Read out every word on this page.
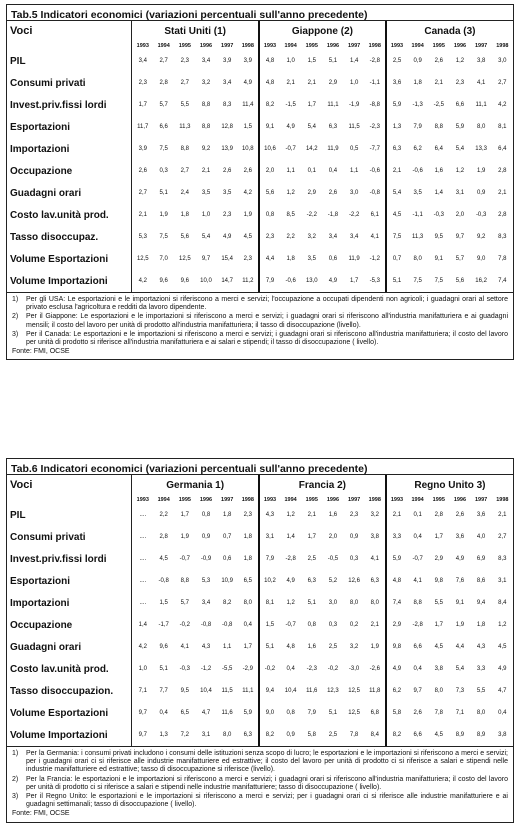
Tab.5 Indicatori economici (variazioni percentuali sull'anno precedente)
Voci	Stati Uniti (1)						Giappone (2)						Canada (3)					
	1993	1994	1995	1996	1997	1998	1993	1994	1995	1996	1997	1998	1993	1994	1995	1996	1997	1998
PIL	3,4	2,7	2,3	3,4	3,9	3,9	4,8	1,0	1,5	5,1	1,4	-2,8	2,5	0,9	2,6	1,2	3,8	3,0
Consumi privati	2,3	2,8	2,7	3,2	3,4	4,9	4,8	2,1	2,1	2,9	1,0	-1,1	3,6	1,8	2,1	2,3	4,1	2,7
Invest.priv.fissi lordi	1,7	5,7	5,5	8,8	8,3	11,4	8,2	-1,5	1,7	11,1	-1,9	-8,8	5,9	-1,3	-2,5	6,6	11,1	4,2
Esportazioni	11,7	6,6	11,3	8,8	12,8	1,5	9,1	4,9	5,4	6,3	11,5	-2,3	1,3	7,9	8,8	5,9	8,0	8,1
Importazioni	3,9	7,5	8,8	9,2	13,9	10,8	10,6	-0,7	14,2	11,9	0,5	-7,7	6,3	6,2	6,4	5,4	13,3	6,4
Occupazione	2,6	0,3	2,7	2,1	2,6	2,6	2,0	1,1	0,1	0,4	1,1	-0,6	2,1	-0,6	1,6	1,2	1,9	2,8
Guadagni orari	2,7	5,1	2,4	3,5	3,5	4,2	5,6	1,2	2,9	2,6	3,0	-0,8	5,4	3,5	1,4	3,1	0,9	2,1
Costo lav.unità prod.	2,1	1,9	1,8	1,0	2,3	1,9	0,8	8,5	-2,2	-1,8	-2,2	6,1	4,5	-1,1	-0,3	2,0	-0,3	2,8
Tasso disoccupaz.	5,3	7,5	5,6	5,4	4,9	4,5	2,3	2,2	3,2	3,4	3,4	4,1	7,5	11,3	9,5	9,7	9,2	8,3
Volume Esportazioni	12,5	7,0	12,5	9,7	15,4	2,3	4,4	1,8	3,5	0,6	11,9	-1,2	0,7	8,0	9,1	5,7	9,0	7,8
Volume Importazioni	4,2	9,6	9,6	10,0	14,7	11,2	7,9	-0,6	13,0	4,9	1,7	-5,3	5,1	7,5	7,5	5,6	16,2	7,4
1)	Per gli USA: Le esportazioni e le importazioni si riferiscono a merci e servizi; l'occupazione a occupati dipendenti non agricoli; i guadagni orari al settore privato esclusa l'agricoltura e redditi da lavoro dipendente.
2)	Per il Giappone: Le esportazioni e le importazioni si riferiscono a merci e servizi; i guadagni orari si riferiscono all'industria manifatturiera e ai guadagni mensili; il costo del lavoro per unità di prodotto all'industria manifatturiera; il tasso di disoccupazione (livello).
3)	Per il Canada: Le esportazioni e le importazioni si riferiscono a merci e servizi; i guadagni orari si riferiscono all'industria manifatturiera; il costo del lavoro per unità di prodotto si riferisce all'industria manifatturiera e ai salari e stipendi; il tasso di disoccupazione ( livello).
Fonte: FMI, OCSE
Tab.6 Indicatori economici (variazioni percentuali sull'anno precedente)
Voci	Germania 1)						Francia 2)						Regno Unito 3)					
	1993	1994	1995	1996	1997	1998	1993	1994	1995	1996	1997	1998	1993	1994	1995	1996	1997	1998
PIL	....	2,2	1,7	0,8	1,8	2,3	4,3	1,2	2,1	1,6	2,3	3,2	2,1	0,1	2,8	2,6	3,6	2,1
Consumi privati	....	2,8	1,9	0,9	0,7	1,8	3,1	1,4	1,7	2,0	0,9	3,8	3,3	0,4	1,7	3,6	4,0	2,7
Invest.priv.fissi lordi	....	4,5	-0,7	-0,9	0,6	1,8	7,9	-2,8	2,5	-0,5	0,3	4,1	5,9	-0,7	2,9	4,9	6,9	8,3
Esportazioni	....	-0,8	8,8	5,3	10,9	6,5	10,2	4,9	6,3	5,2	12,6	6,3	4,8	4,1	9,8	7,6	8,6	3,1
Importazioni	....	1,5	5,7	3,4	8,2	8,0	8,1	1,2	5,1	3,0	8,0	8,0	7,4	8,8	5,5	9,1	9,4	8,4
Occupazione	1,4	-1,7	-0,2	-0,8	-0,8	0,4	1,5	-0,7	0,8	0,3	0,2	2,1	2,9	-2,8	1,7	1,9	1,8	1,2
Guadagni orari	4,2	9,6	4,1	4,3	1,1	1,7	5,1	4,8	1,6	2,5	3,2	1,9	9,8	6,6	4,5	4,4	4,3	4,5
Costo lav.unità prod.	1,0	5,1	-0,3	-1,2	-5,5	-2,9	-0,2	0,4	-2,3	-0,2	-3,0	-2,6	4,9	0,4	3,8	5,4	3,3	4,9
Tasso disoccupazion.	7,1	7,7	9,5	10,4	11,5	11,1	9,4	10,4	11,6	12,3	12,5	11,8	6,2	9,7	8,0	7,3	5,5	4,7
Volume Esportazioni	9,7	0,4	6,5	4,7	11,6	5,9	9,0	0,8	7,9	5,1	12,5	6,8	5,8	2,6	7,8	7,1	8,0	0,4
Volume Importazioni	9,7	1,3	7,2	3,1	8,0	6,3	8,2	0,9	5,8	2,5	7,8	8,4	8,2	6,6	4,5	8,9	8,9	3,8
1)	Per la Germania: i consumi privati includono i consumi delle istituzioni senza scopo di lucro; le esportazioni e le importazioni si riferiscono a merci e servizi; per i guadagni orari ci si riferisce alle industrie manifatturiere ed estrattive; il costo del lavoro per unità di prodotto ci si riferisce a salari e stipendi nelle industrie manifatturiere ed estrattive; tasso di disoccupazione si riferisce (livello).
2)	Per la Francia: le esportazioni e le importazioni si riferiscono a merci e servizi; i guadagni orari si riferiscono all'industria manifatturiera; il costo del lavoro per unità di prodotto ci si riferisce a salari e stipendi nelle industrie manifatturiere; tasso di disoccupazione ( livello).
3)	Per il Regno Unito: le esportazioni e le importazioni si riferiscono a merci e servizi; per i guadagni orari ci si riferisce alle industrie manifatturiere e ai guadagni settimanali; tasso di disoccupazione ( livello).
Fonte: FMI, OCSE
